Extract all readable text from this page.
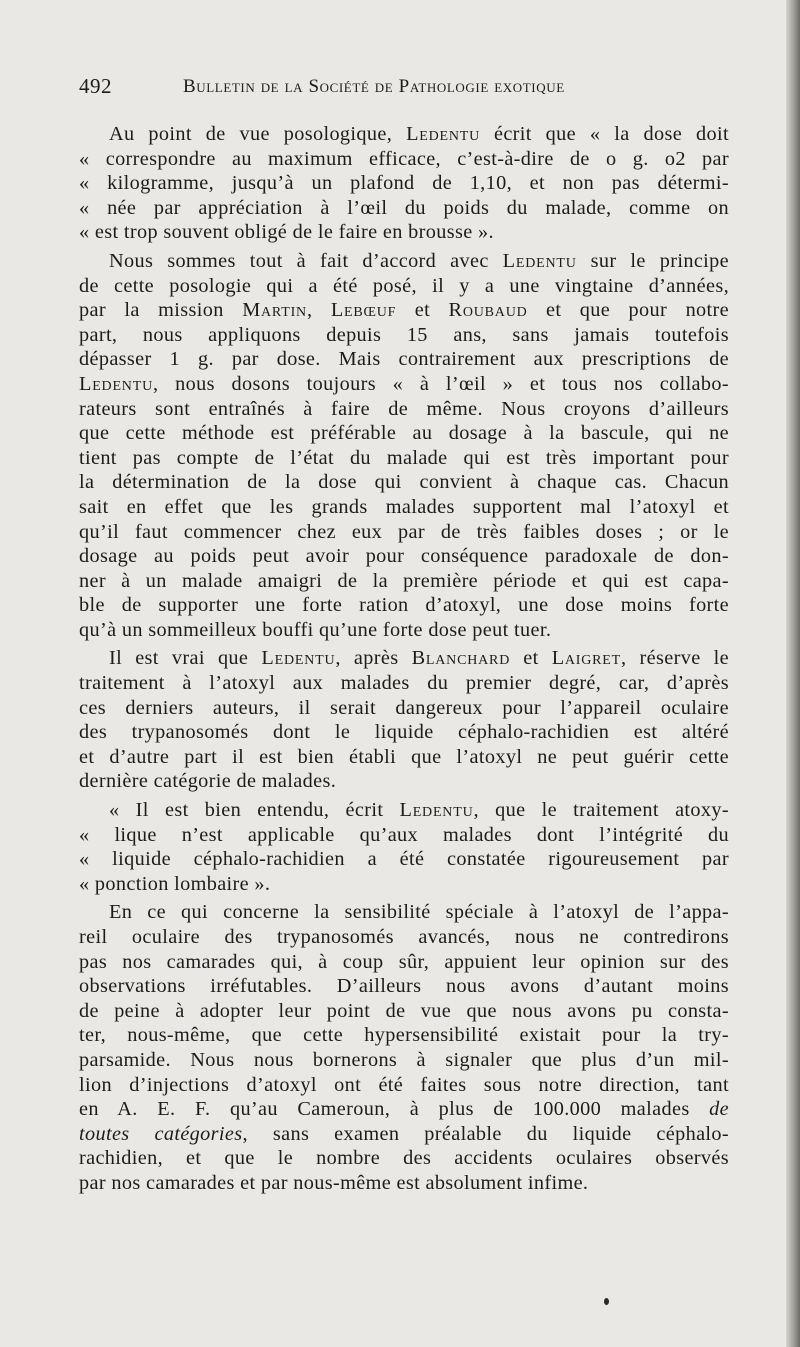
492	Bulletin de la Société de Pathologie exotique
Au point de vue posologique, Ledentu écrit que « la dose doit
« correspondre au maximum efficace, c’est-à-dire de o g. o2 par
« kilogramme, jusqu’à un plafond de 1,10, et non pas détermi-
« née par appréciation à l’œil du poids du malade, comme on
« est trop souvent obligé de le faire en brousse ».
Nous sommes tout à fait d’accord avec Ledentu sur le principe
de cette posologie qui a été posé, il y a une vingtaine d’années,
par la mission Martin, Lebœuf et Roubaud et que pour notre
part, nous appliquons depuis 15 ans, sans jamais toutefois
dépasser 1 g. par dose. Mais contrairement aux prescriptions de
Ledentu, nous dosons toujours « à l’œil » et tous nos collabo-
rateurs sont entraînés à faire de même. Nous croyons d’ailleurs
que cette méthode est préférable au dosage à la bascule, qui ne
tient pas compte de l’état du malade qui est très important pour
la détermination de la dose qui convient à chaque cas. Chacun
sait en effet que les grands malades supportent mal l’atoxyl et
qu’il faut commencer chez eux par de très faibles doses ; or le
dosage au poids peut avoir pour conséquence paradoxale de don-
ner à un malade amaigri de la première période et qui est capa-
ble de supporter une forte ration d’atoxyl, une dose moins forte
qu’à un sommeilleux bouffi qu’une forte dose peut tuer.
Il est vrai que Ledentu, après Blanchard et Laigret, réserve le
traitement à l’atoxyl aux malades du premier degré, car, d’après
ces derniers auteurs, il serait dangereux pour l’appareil oculaire
des trypanosomés dont le liquide céphalo-rachidien est altéré
et d’autre part il est bien établi que l’atoxyl ne peut guérir cette
dernière catégorie de malades.
« Il est bien entendu, écrit Ledentu, que le traitement atoxy-
« lique n’est applicable qu’aux malades dont l’intégrité du
« liquide céphalo-rachidien a été constatée rigoureusement par
« ponction lombaire ».
En ce qui concerne la sensibilité spéciale à l’atoxyl de l’appa-
reil oculaire des trypanosomés avancés, nous ne contredirons
pas nos camarades qui, à coup sûr, appuient leur opinion sur des
observations irréfutables. D’ailleurs nous avons d’autant moins
de peine à adopter leur point de vue que nous avons pu consta-
ter, nous-même, que cette hypersensibilité existait pour la try-
parsamide. Nous nous bornerons à signaler que plus d’un mil-
lion d’injections d’atoxyl ont été faites sous notre direction, tant
en A. E. F. qu’au Cameroun, à plus de 100.000 malades de
toutes catégories, sans examen préalable du liquide céphalo-
rachidien, et que le nombre des accidents oculaires observés
par nos camarades et par nous-même est absolument infime.
